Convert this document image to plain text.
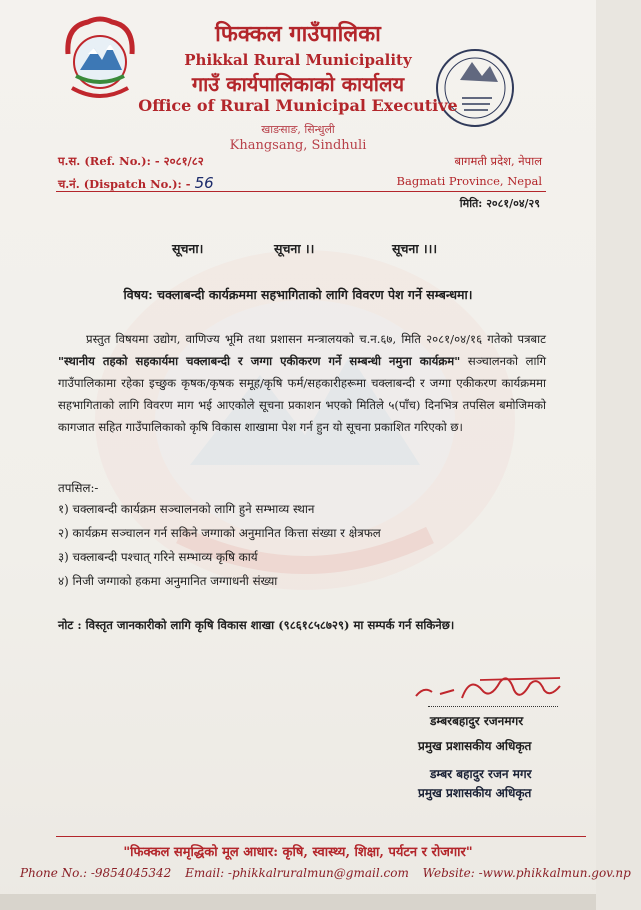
फिक्कल गाउँपालिका
Phikkal Rural Municipality
गाउँ कार्यपालिकाको कार्यालय
Office of Rural Municipal Executive
खाङसाङ, सिन्धुली
Khangsang, Sindhuli
प.स. (Ref. No.): - २०८१/८२
च.नं. (Dispatch No.): - 56
बागमती प्रदेश, नेपाल
Bagmati Province, Nepal
मिति: २०८१/०४/२९
सूचना।	सूचना ।।	सूचना ।।।
विषय: चक्लाबन्दी कार्यक्रममा सहभागिताको लागि विवरण पेश गर्ने सम्बन्धमा।
प्रस्तुत विषयमा उद्योग, वाणिज्य भूमि तथा प्रशासन मन्त्रालयको च.न.६७, मिति २०८१/०४/१६ गतेको पत्रबाट "स्थानीय तहको सहकार्यमा चक्लाबन्दी र जग्गा एकीकरण गर्ने सम्बन्धी नमुना कार्यक्रम" सञ्चालनको लागि गाउँपालिकामा रहेका इच्छुक कृषक/कृषक समूह/कृषि फर्म/सहकारीहरूमा चक्लाबन्दी र जग्गा एकीकरण कार्यक्रममा सहभागिताको लागि विवरण माग भई आएकोले सूचना प्रकाशन भएको मितिले ५(पाँच) दिनभित्र तपसिल बमोजिमको कागजात सहित गाउँपालिकाको कृषि विकास शाखामा पेश गर्न हुन यो सूचना प्रकाशित गरिएको छ।
तपसिल:-
१) चक्लाबन्दी कार्यक्रम सञ्चालनको लागि हुने सम्भाव्य स्थान
२) कार्यक्रम सञ्चालन गर्न सकिने जग्गाको अनुमानित कित्ता संख्या र क्षेत्रफल
३) चक्लाबन्दी पश्चात् गरिने सम्भाव्य कृषि कार्य
४) निजी जग्गाको हकमा अनुमानित जग्गाधनी संख्या
नोट : विस्तृत जानकारीको लागि कृषि विकास शाखा (९८६१८५८७२९) मा सम्पर्क गर्न सकिनेछ।
डम्बरबहादुर रजनमगर
प्रमुख प्रशासकीय अधिकृत
डम्बर बहादुर रजन मगर
प्रमुख प्रशासकीय अधिकृत
"फिक्कल समृद्धिको मूल आधार: कृषि, स्वास्थ्य, शिक्षा, पर्यटन र रोजगार"
Phone No.: -9854045342 Email: -phikkalruralmun@gmail.com Website: -www.phikkalmun.gov.np
